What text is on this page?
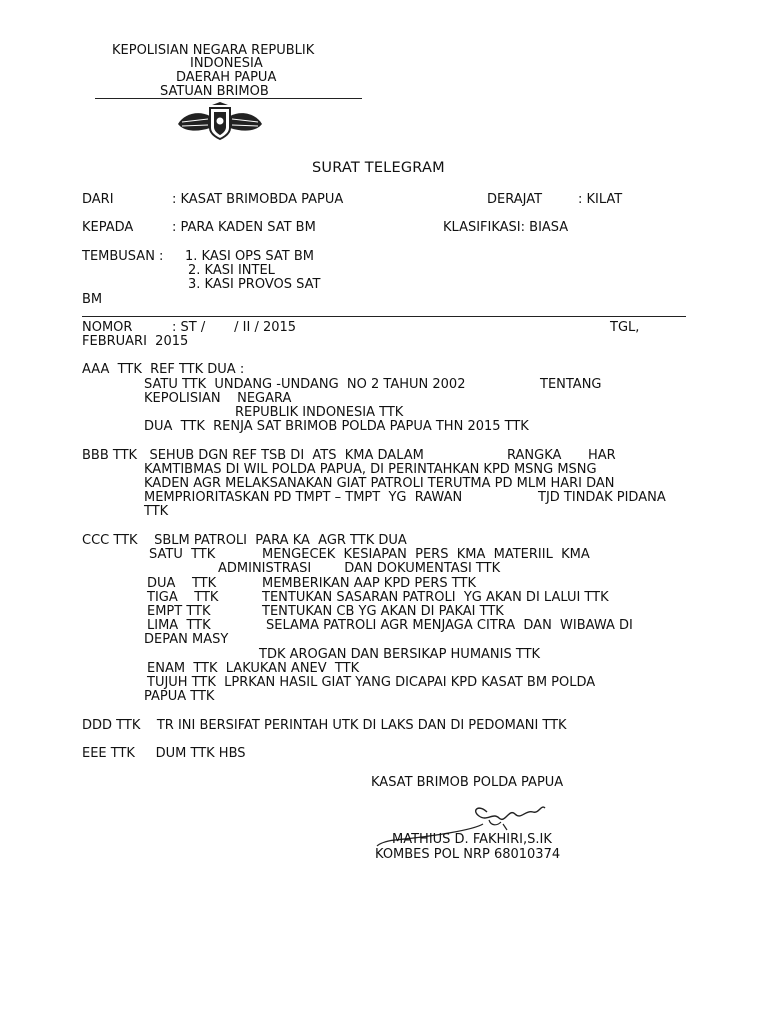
KEPOLISIAN NEGARA REPUBLIK
INDONESIA
DAERAH PAPUA
SATUAN BRIMOB
SURAT TELEGRAM
DARI	: KASAT BRIMOBDA PAPUA	DERAJAT	: KILAT
KEPADA	: PARA KADEN SAT BM	KLASIFIKASI: BIASA
TEMBUSAN : 1. KASI OPS SAT BM
2. KASI INTEL
3. KASI PROVOS SAT
BM
NOMOR	: ST /       / II / 2015	TGL,
FEBRUARI  2015
AAA  TTK  REF TTK DUA :
SATU TTK  UNDANG -UNDANG  NO 2 TAHUN 2002	TENTANG
KEPOLISIAN    NEGARA
REPUBLIK INDONESIA TTK
DUA  TTK  RENJA SAT BRIMOB POLDA PAPUA THN 2015 TTK
BBB TTK   SEHUB DGN REF TSB DI  ATS  KMA DALAM	RANGKA HAR
KAMTIBMAS DI WIL POLDA PAPUA, DI PERINTAHKAN KPD MSNG MSNG
KADEN AGR MELAKSANAKAN GIAT PATROLI TERUTMA PD MLM HARI DAN
MEMPRIORITASKAN PD TMPT – TMPT  YG  RAWAN	TJD TINDAK PIDANA
TTK
CCC TTK    SBLM PATROLI  PARA KA  AGR TTK DUA
SATU  TTK	MENGECEK  KESIAPAN  PERS  KMA  MATERIIL  KMA
ADMINISTRASI        DAN DOKUMENTASI TTK
DUA    TTK	MEMBERIKAN AAP KPD PERS TTK
TIGA    TTK	TENTUKAN SASARAN PATROLI  YG AKAN DI LALUI TTK
EMPT TTK	TENTUKAN CB YG AKAN DI PAKAI TTK
LIMA  TTK	SELAMA PATROLI AGR MENJAGA CITRA  DAN  WIBAWA DI
DEPAN MASY
TDK AROGAN DAN BERSIKAP HUMANIS TTK
ENAM  TTK  LAKUKAN ANEV  TTK
TUJUH TTK  LPRKAN HASIL GIAT YANG DICAPAI KPD KASAT BM POLDA
PAPUA TTK
DDD TTK    TR INI BERSIFAT PERINTAH UTK DI LAKS DAN DI PEDOMANI TTK
EEE TTK     DUM TTK HBS
KASAT BRIMOB POLDA PAPUA
MATHIUS D. FAKHIRI,S.IK
KOMBES POL NRP 68010374
